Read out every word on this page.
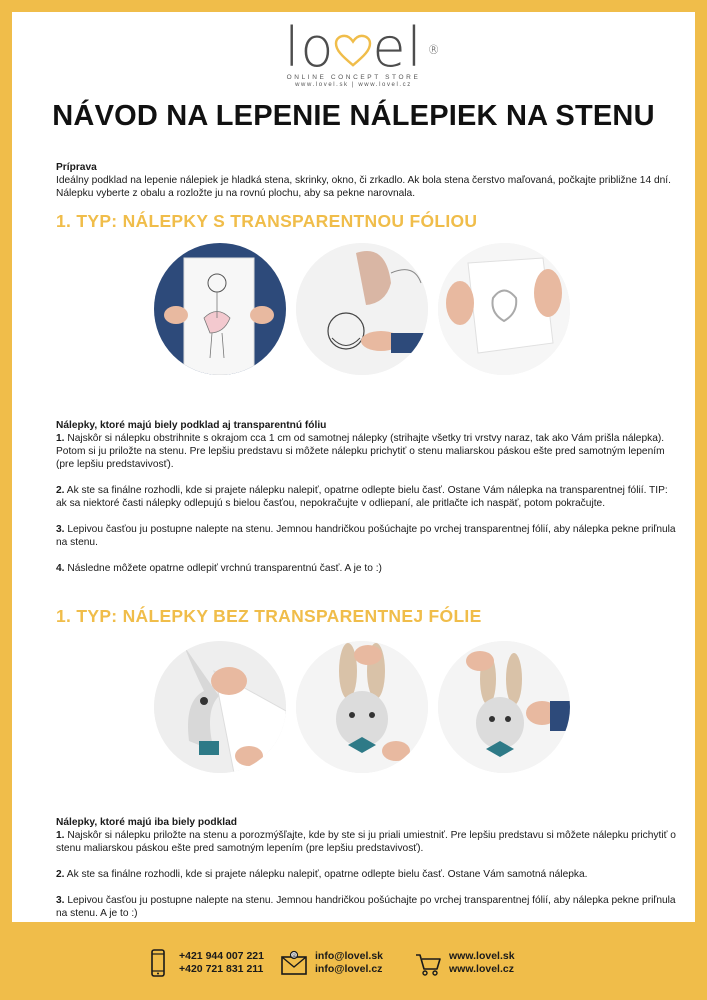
lo el ®
ONLINE CONCEPT STORE
www.lovel.sk | www.lovel.cz
NÁVOD NA LEPENIE NÁLEPIEK NA STENU

Príprava

Ideálny podklad na lepenie nálepiek je hladká stena, skrinky, okno, či zrkadlo. Ak bola stena čerstvo maľovaná, počkajte približne 14 dní. Nálepku vyberte z obalu a rozložte ju na rovnú plochu, aby sa pekne narovnala.

1. TYP: NÁLEPKY S TRANSPARENTNOU FÓLIOU

Nálepky, ktoré majú biely podklad aj transparentnú fóliu

1. Najskôr si nálepku obstrihnite s okrajom cca 1 cm od samotnej nálepky (strihajte všetky tri vrstvy naraz, tak ako Vám prišla nálepka). Potom si ju priložte na stenu. Pre lepšiu predstavu si môžete nálepku prichytiť o stenu maliarskou páskou ešte pred samotným lepením (pre lepšiu predstavivosť).

2. Ak ste sa finálne rozhodli, kde si prajete nálepku nalepiť, opatrne odlepte bielu časť. Ostane Vám nálepka na transparentnej fólií. TIP: ak sa niektoré časti nálepky odlepujú s bielou časťou, nepokračujte v odliepaní, ale pritlačte ich naspäť, potom pokračujte.

3. Lepivou časťou ju postupne nalepte na stenu. Jemnou handričkou pošúchajte po vrchej transparentnej fólií, aby nálepka pekne priľnula na stenu.

4. Následne môžete opatrne odlepiť vrchnú transparentnú časť. A je to :)

1. TYP: NÁLEPKY BEZ TRANSPARENTNEJ FÓLIE

Nálepky, ktoré majú iba biely podklad

1. Najskôr si nálepku priložte na stenu a porozmýšľajte, kde by ste si ju priali umiestniť. Pre lepšiu predstavu si môžete nálepku prichytiť o stenu maliarskou páskou ešte pred samotným lepením (pre lepšiu predstavivosť).

2. Ak ste sa finálne rozhodli, kde si prajete nálepku nalepiť, opatrne odlepte bielu časť. Ostane Vám samotná nálepka.

3. Lepivou časťou ju postupne nalepte na stenu. Jemnou handričkou pošúchajte po vrchej transparentnej fólií, aby nálepka pekne priľnula na stenu. A je to :)

+421 944 007 221
+420 721 831 211
@ info@lovel.sk
info@lovel.cz
www.lovel.sk
www.lovel.cz
